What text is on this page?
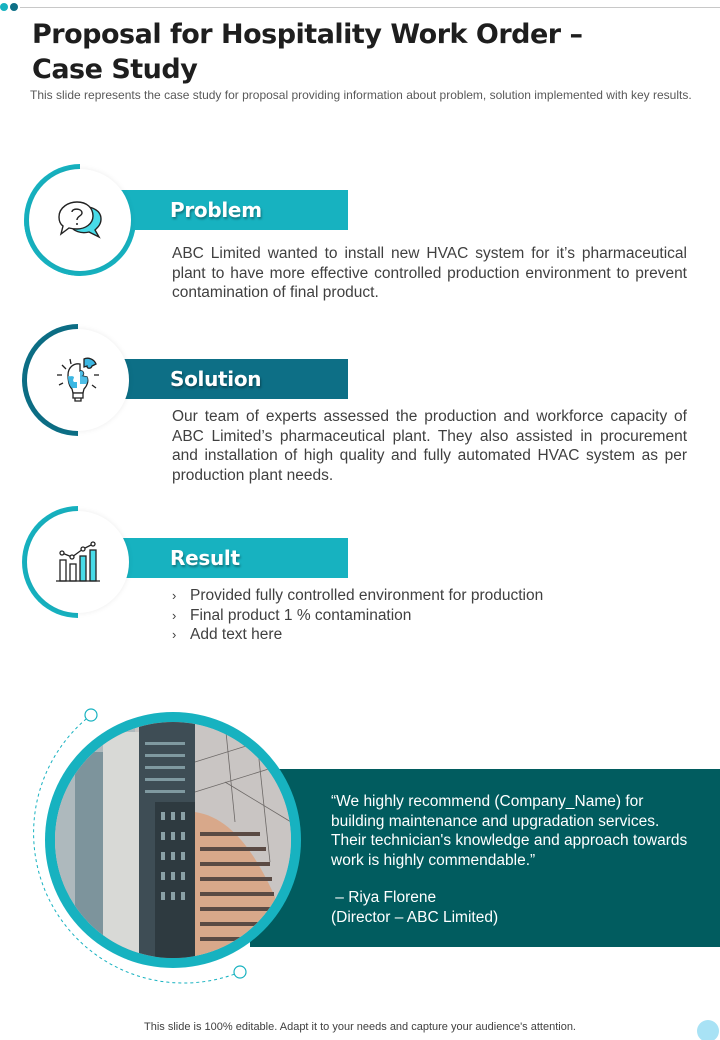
Proposal for Hospitality Work Order – Case Study

This slide represents the case study for proposal providing information about problem, solution implemented with key results.

Problem

ABC Limited wanted to install new HVAC system for it’s pharmaceutical plant to have more effective controlled production environment to prevent contamination of final product.

Solution

Our team of experts assessed the production and workforce capacity of ABC Limited’s pharmaceutical plant. They also assisted in procurement and installation of high quality and fully automated HVAC system as per production plant needs.

Result
› Provided fully controlled environment for production
› Final product 1 % contamination
› Add text here

“We highly recommend (Company_Name) for building maintenance and upgradation services. Their technician's knowledge and approach towards work is highly commendable.”

– Riya Florene
(Director – ABC Limited)
This slide is 100% editable. Adapt it to your needs and capture your audience's attention.
